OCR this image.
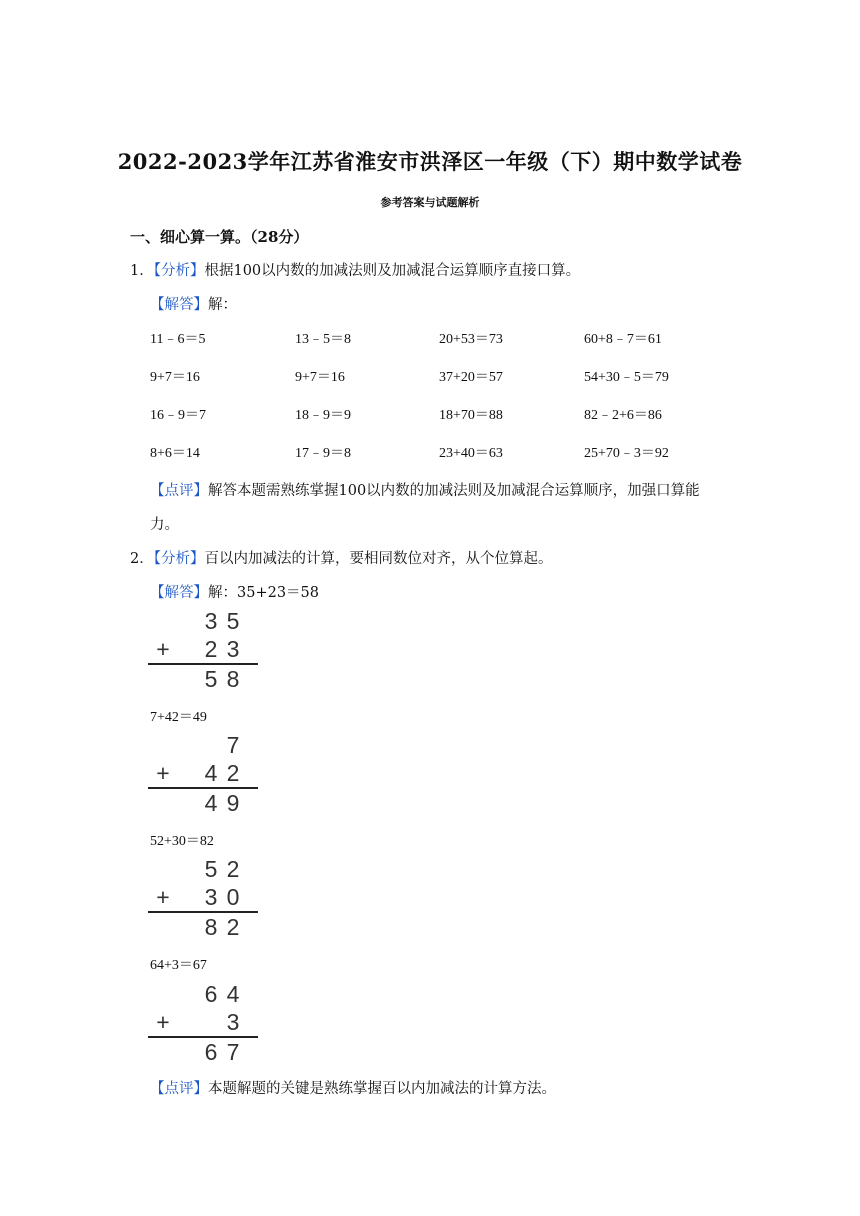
2022-2023学年江苏省淮安市洪泽区一年级（下）期中数学试卷
参考答案与试题解析
一、细心算一算。（28分）
1．【分析】根据100以内数的加减法则及加减混合运算顺序直接口算。
【解答】解：
11﹣6＝5	13﹣5＝8	20+53＝73	60+8﹣7＝61
9+7＝16	9+7＝16	37+20＝57	54+30﹣5＝79
16﹣9＝7	18﹣9＝9	18+70＝88	82﹣2+6＝86
8+6＝14	17﹣9＝8	23+40＝63	25+70﹣3＝92
【点评】解答本题需熟练掌握100以内数的加减法则及加减混合运算顺序，加强口算能
力。
2．【分析】百以内加减法的计算，要相同数位对齐，从个位算起。
【解答】解：35+23＝58
3 5
+ 2 3
5 8
7+42＝49
7
+ 4 2
4 9
52+30＝82
5 2
+ 3 0
8 2
64+3＝67
6 4
+ 3
6 7
【点评】本题解题的关键是熟练掌握百以内加减法的计算方法。
